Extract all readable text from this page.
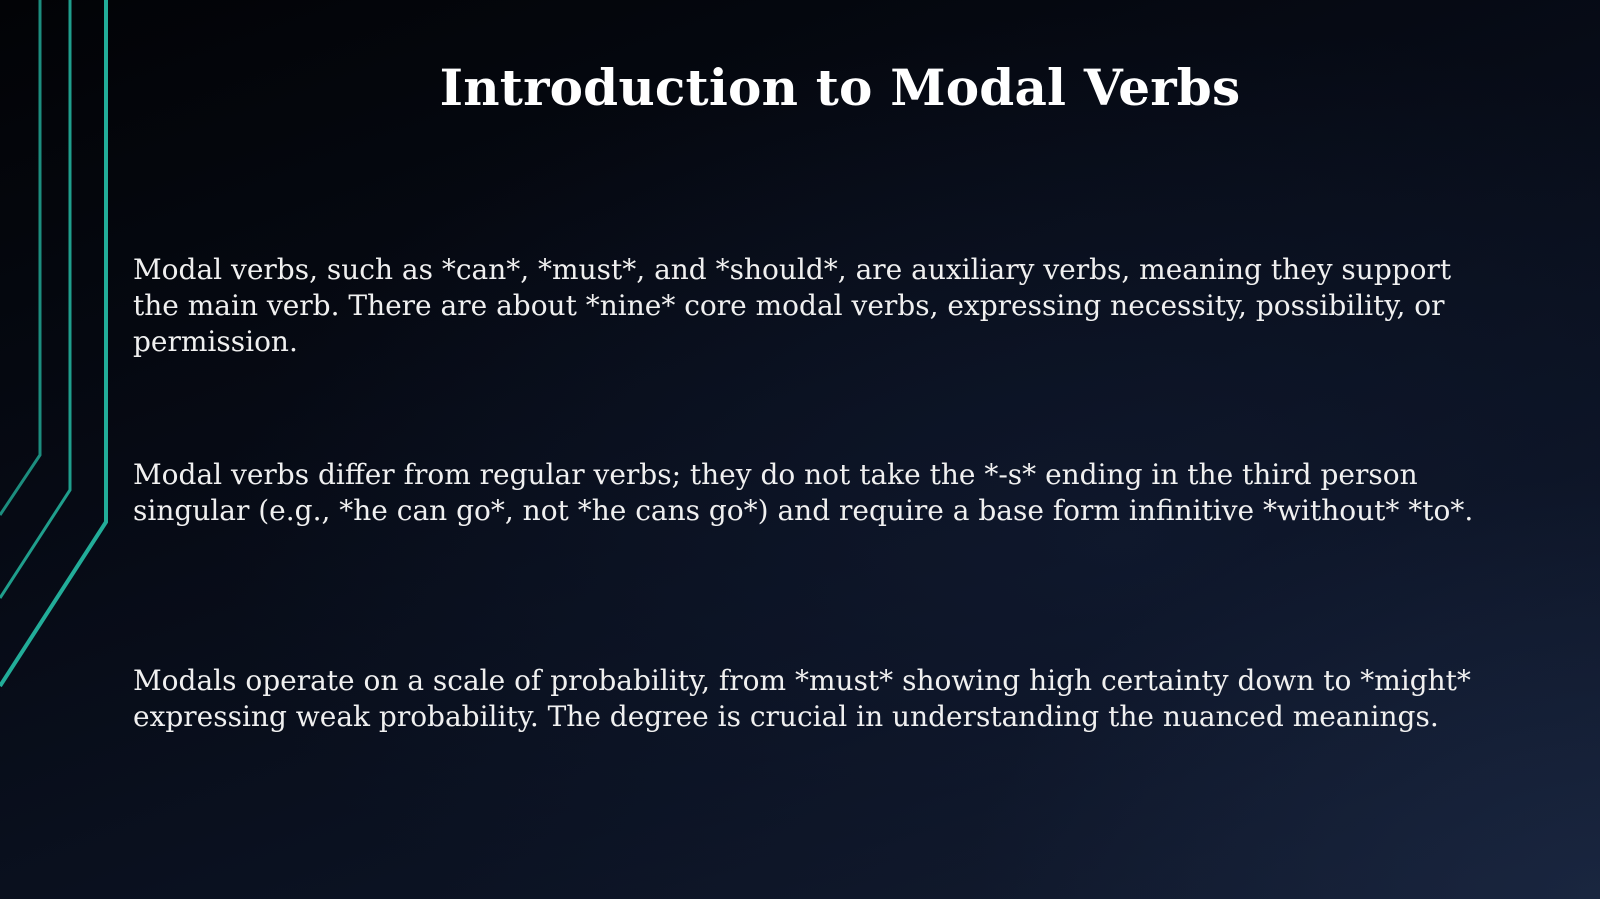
Introduction to Modal Verbs
Modal verbs, such as *can*, *must*, and *should*, are auxiliary verbs, meaning they support the main verb. There are about *nine* core modal verbs, expressing necessity, possibility, or permission.
Modal verbs differ from regular verbs; they do not take the *-s* ending in the third person singular (e.g., *he can go*, not *he cans go*) and require a base form infinitive *without* *to*.
Modals operate on a scale of probability, from *must* showing high certainty down to *might* expressing weak probability. The degree is crucial in understanding the nuanced meanings.
